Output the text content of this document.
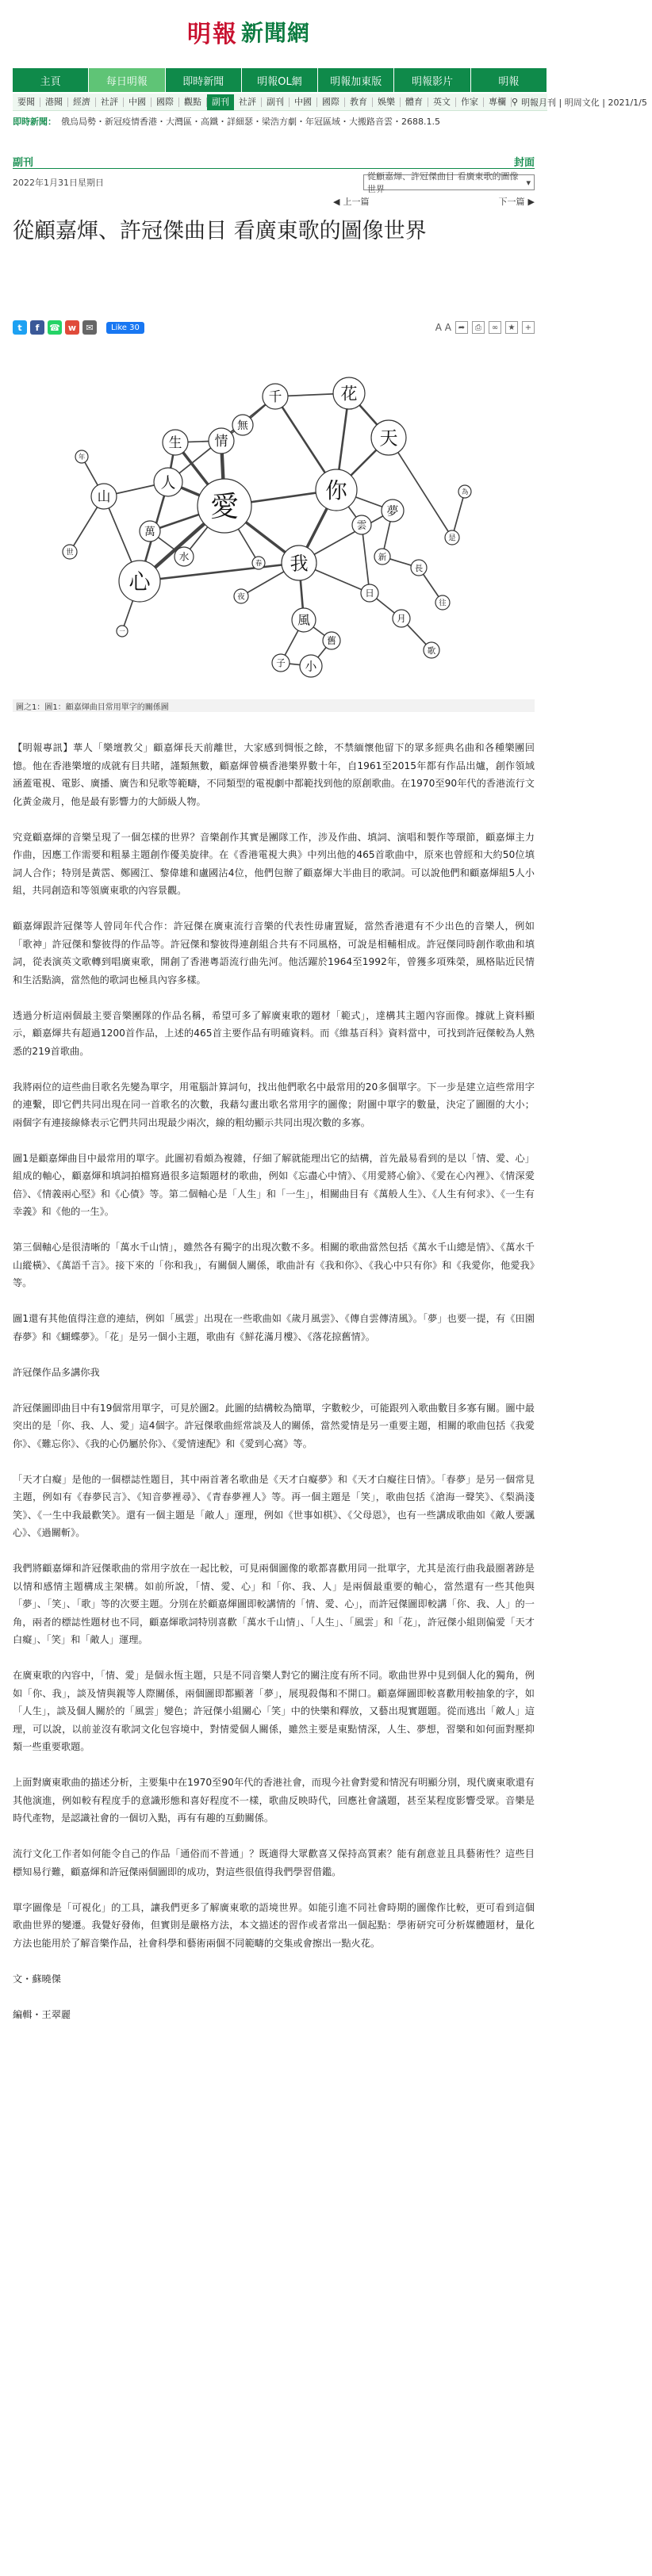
明報 新聞網
主頁	每日明報	即時新聞	明報OL網	明報加東版	明報影片	明報
要聞	港聞	經濟	社評	中國	國際	觀點	副刊	社評	副刊	中國	國際	教育	娛樂	體育	英文	作家	專欄 ⚲ 明報月刊 | 明周文化 | 2021/1/5
即時新聞： 俄烏局勢・新冠疫情香港・大灣區・高鐵・詳細瑟・梁浩方劇・年冠區域・大搬路音雲・2688.1.5
副刊	封面
2022年1月31日星期日
從顧嘉煇、許冠傑曲目 看廣東歌的圖像世界
▾
◀ 上一篇	下一篇 ▶
從顧嘉煇、許冠傑曲目 看廣東歌的圖像世界
t	f	☎ w	✉	Like 30	A A ➦	⎙	∞	★	+
生 情
無
千	花
天
愛
山
人
萬
水
你
雲
我
心
夢
風
舊
小
子
日
新
月
長
歌
往
是
為
夜
春
一
世
年
圖之1：圖1：顧嘉煇曲目常用單字的關係圖

【明報專訊】華人「樂壇教父」顧嘉煇長天前離世，大家感到惆悵之餘，不禁緬懷他留下的眾多經典名曲和各種樂團回憶。他在香港樂壇的成就有目共睹，謹類無數，顧嘉煇曾橫香港樂界數十年，自1961至2015年都有作品出爐，創作領域涵蓋電視、電影、廣播、廣告和兒歌等範疇，不同類型的電視劇中都範找到他的原創歌曲。在1970至90年代的香港流行文化黃金歲月，他是最有影響力的大師級人物。

究竟顧嘉煇的音樂呈現了一個怎樣的世界？音樂創作其實是團隊工作，涉及作曲、填詞、演唱和製作等環節，顧嘉煇主力作曲，因應工作需要和粗暴主題創作優美旋律。在《香港電視大典》中列出他的465首歌曲中，原來也曾經和大約50位填詞人合作；特別是黃霑、鄭國江、黎偉雄和盧國沾4位，他們包辦了顧嘉煇大半曲目的歌詞。可以說他們和顧嘉煇組5人小組，共同創造和等領廣東歌的內容景觀。

顧嘉煇跟許冠傑等人曾同年代合作：許冠傑在廣東流行音樂的代表性毋庸置疑，當然香港還有不少出色的音樂人，例如「歌神」許冠傑和黎彼得的作品等。許冠傑和黎彼得連創組合共有不同風格，可說是相輔相成。許冠傑同時創作歌曲和填詞，從表演英文歌轉到唱廣東歌，開創了香港粵語流行曲先河。他活躍於1964至1992年，曾獲多項殊榮，風格貼近民情和生活點滴，當然他的歌詞也極具內容多樣。

透過分析這兩個最主要音樂團隊的作品名稱，希望可多了解廣東歌的題材「範式」，達構其主題內容面像。據就上資料顯示，顧嘉煇共有超過1200首作品，上述的465首主要作品有明確資料。而《維基百科》資料當中，可找到許冠傑較為人熟悉的219首歌曲。

我將兩位的這些曲目歌名先變為單字，用電腦計算詞句，找出他們歌名中最常用的20多個單字。下一步是建立這些常用字的連繫，即它們共同出現在同一首歌名的次數，我藉勾畫出歌名常用字的圖像；附圖中單字的數量，決定了圖圈的大小；兩個字有連接線條表示它們共同出現最少兩次，線的粗幼顯示共同出現次數的多寡。

圖1是顧嘉煇曲目中最常用的單字。此圖初看頗為複雜，仔細了解就能理出它的結構，首先最易看到的是以「情、愛、心」組成的軸心，顧嘉煇和填詞拍檔寫過很多這類題材的歌曲，例如《忘盡心中情》、《用愛將心偷》、《愛在心內裡》、《情深愛倍》、《情義兩心堅》和《心債》等。第二個軸心是「人生」和「一生」，相關曲目有《萬般人生》、《人生有何求》、《一生有幸義》和《他的一生》。

第三個軸心是很清晰的「萬水千山情」，雖然各有獨字的出現次數不多。相關的歌曲當然包括《萬水千山總是情》、《萬水千山縱橫》、《萬語千言》。接下來的「你和我」，有關個人關係，歌曲計有《我和你》、《我心中只有你》和《我愛你，他愛我》等。

圖1還有其他值得注意的連結，例如「風雲」出現在一些歌曲如《歲月風雲》、《傳自雲傳清風》。「夢」也要一提，有《田園春夢》和《蝴蝶夢》。「花」是另一個小主題，歌曲有《鮮花滿月樓》、《落花掠舊情》。

許冠傑作品多講你我

許冠傑圖即曲目中有19個常用單字，可見於圖2。此圖的結構較為簡單，字數較少，可能跟列入歌曲數目多寡有關。圖中最突出的是「你、我、人、愛」這4個字。許冠傑歌曲經常談及人的關係，當然愛情是另一重要主題，相關的歌曲包括《我愛你》、《難忘你》、《我的心仍屬於你》、《愛情速配》和《愛到心窩》等。

「天才白癡」是他的一個標誌性題目，其中兩首著名歌曲是《天才白癡夢》和《天才白癡往日情》。「春夢」是另一個常見主題，例如有《春夢民言》、《知音夢裡尋》、《青春夢裡人》等。再一個主題是「笑」，歌曲包括《滄海一聲笑》、《梨渦淺笑》、《一生中我最歡笑》。還有一個主題是「敵人」運理，例如《世事如棋》、《父母恩》，也有一些講成歌曲如《敵人要諷心》、《過關斬》。

我們將顧嘉煇和許冠傑歌曲的常用字放在一起比較，可見兩個圖像的歌都喜歡用同一批單字，尤其是流行曲我最圈著跡是以情和感情主題構成主架構。如前所說，「情、愛、心」和「你、我、人」是兩個最重要的軸心，當然還有一些其他與「夢」、「笑」、「歌」等的次要主題。分別在於顧嘉煇圖即較講情的「情、愛、心」，而許冠傑圖即較講「你、我、人」的一角，兩者的標誌性題材也不同，顧嘉煇歌詞特別喜歡「萬水千山情」、「人生」、「風雲」和「花」，許冠傑小組則偏愛「天才白癡」、「笑」和「敵人」運理。

在廣東歌的內容中，「情、愛」是個永恆主題，只是不同音樂人對它的關注度有所不同。歌曲世界中見到個人化的獨角，例如「你、我」，談及情與親等人際關係，兩個圖即都顯著「夢」，展現殺傷和不開口。顧嘉煇圖即較喜歡用較抽象的字，如「人生」，談及個人關於的「風雲」變色；許冠傑小組關心「笑」中的快樂和釋放，又藝出現實題題。從而逃出「敵人」這理，可以說，以前並沒有歌詞文化包容境中，對情愛個人關係，雖然主要是東點情深，人生、夢想，習樂和如何面對壓抑類一些重要歌題。

上面對廣東歌曲的描述分析，主要集中在1970至90年代的香港社會，而現今社會對愛和情況有明顯分別，現代廣東歌還有其他演進，例如較有程度手的意識形態和喜好程度不一樣，歌曲反映時代，回應社會議題，甚至某程度影響受眾。音樂是時代產物，是認識社會的一個切入點，再有有趣的互動關係。

流行文化工作者如何能令自己的作品「通俗而不普通」？既適得大眾歡喜又保持高質素？能有創意並且具藝術性？這些目標知易行難，顧嘉煇和許冠傑兩個圖即的成功，對這些很值得我們學習借鑑。

單字圖像是「可視化」的工具，讓我們更多了解廣東歌的語境世界。如能引進不同社會時期的圖像作比較，更可看到這個歌曲世界的變遷。我覺好發佈，但實則是嚴格方法，本文描述的習作或者常出一個起點：學術研究可分析媒體題材，量化方法也能用於了解音樂作品，社會科學和藝術兩個不同範疇的交集或會擦出一點火花。

文・蘇曉傑

編輯・王翠麗
